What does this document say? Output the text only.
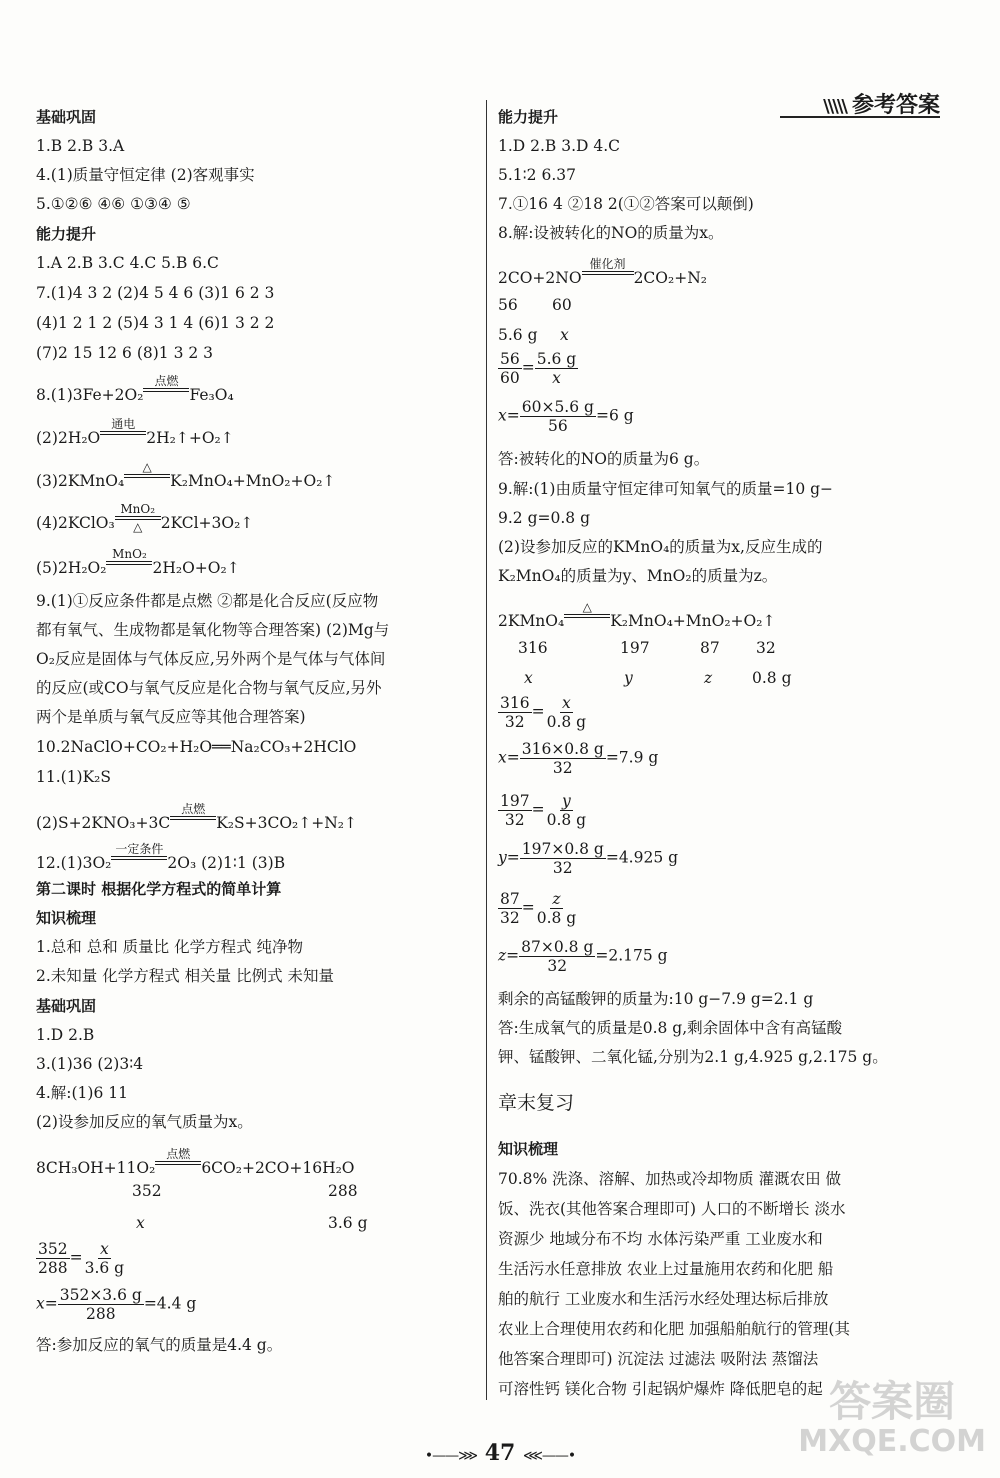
\\\\\ 参考答案
基础巩固
1.B 2.B 3.A
4.(1)质量守恒定律 (2)客观事实
5.①②⑥ ④⑥ ①③④ ⑤
能力提升
1.A 2.B 3.C 4.C 5.B 6.C
7.(1)4 3 2 (2)4 5 4 6 (3)1 6 2 3
(4)1 2 1 2 (5)4 3 1 4 (6)1 3 2 2
(7)2 15 12 6 (8)1 3 2 3
8.(1)3Fe+2O₂
点燃

Fe₃O₄
(2)2H₂O
通电

2H₂↑+O₂↑
(3)2KMnO₄
△

K₂MnO₄+MnO₂+O₂↑
(4)2KClO₃
MnO₂
△ 2KCl+3O₂↑
(5)2H₂O₂
MnO₂

2H₂O+O₂↑
9.(1)①反应条件都是点燃 ②都是化合反应(反应物
都有氧气、生成物都是氧化物等合理答案) (2)Mg与
O₂反应是固体与气体反应,另外两个是气体与气体间
的反应(或CO与氧气反应是化合物与氧气反应,另外
两个是单质与氧气反应等其他合理答案)
10.2NaClO+CO₂+H₂O══Na₂CO₃+2HClO
11.(1)K₂S
(2)S+2KNO₃+3C
点燃

K₂S+3CO₂↑+N₂↑
12.(1)3O₂
一定条件

2O₃ (2)1∶1 (3)B
第二课时 根据化学方程式的简单计算
知识梳理
1.总和 总和 质量比 化学方程式 纯净物
2.未知量 化学方程式 相关量 比例式 未知量
基础巩固
1.D 2.B
3.(1)36 (2)3∶4
4.解:(1)6 11
(2)设参加反应的氧气质量为x。
8CH₃OH+11O₂
点燃

6CO₂+2CO+16H₂O
352	288
x	3.6 g
$\frac{352}{288} = \frac{x}{3.6 g}$
$x= \frac{352\times 3.6 g}{288} =4.4$ g
答:参加反应的氧气的质量是4.4 g。
能力提升
1.D 2.B 3.D 4.C
5.1∶2 6.37
7.①16 4 ②18 2(①②答案可以颠倒)
8.解:设被转化的NO的质量为x。
2CO+2NO
催化剂

2CO₂+N₂
56 60
5.6 g x
$\frac{56}{60} = \frac{5.6 g}{x}$
$x= \frac{60\times 5.6 g}{56} =6$ g
答:被转化的NO的质量为6 g。
9.解:(1)由质量守恒定律可知氧气的质量=10 g−
9.2 g=0.8 g
(2)设参加反应的KMnO₄的质量为x,反应生成的
K₂MnO₄的质量为y、MnO₂的质量为z。
2KMnO₄
△

K₂MnO₄+MnO₂+O₂↑
316	197	87 32
x	y	z	0.8 g
$\frac{316}{32} = \frac{x}{0.8 g}$
$x= \frac{316\times 0.8 g}{32} =7.9$ g
$\frac{197}{32} = \frac{y}{0.8 g}$
$y= \frac{197\times 0.8 g}{32} =4.925$ g
$\frac{87}{32} = \frac{z}{0.8 g}$
$z= \frac{87\times 0.8 g}{32} =2.175$ g
剩余的高锰酸钾的质量为:10 g−7.9 g=2.1 g
答:生成氧气的质量是0.8 g,剩余固体中含有高锰酸
钾、锰酸钾、二氧化锰,分别为2.1 g,4.925 g,2.175 g。
章末复习
知识梳理
70.8% 洗涤、溶解、加热或冷却物质 灌溉农田 做
饭、洗衣(其他答案合理即可) 人口的不断增长 淡水
资源少 地域分布不均 水体污染严重 工业废水和
生活污水任意排放 农业上过量施用农药和化肥 船
舶的航行 工业废水和生活污水经处理达标后排放
农业上合理使用农药和化肥 加强船舶航行的管理(其
他答案合理即可) 沉淀法 过滤法 吸附法 蒸馏法
可溶性钙 镁化合物 引起锅炉爆炸 降低肥皂的起
•——⋙ 47 ⋘——•
答案圈
MXQE.COM
